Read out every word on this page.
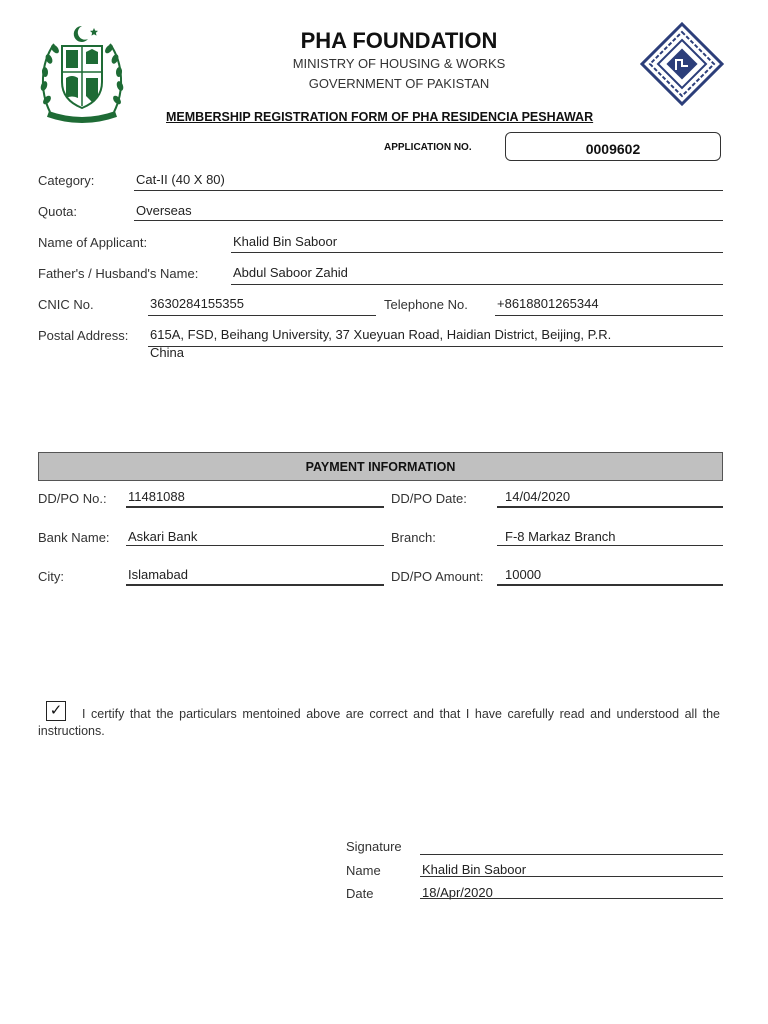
PHA FOUNDATION
MINISTRY OF HOUSING & WORKS
GOVERNMENT OF PAKISTAN
MEMBERSHIP REGISTRATION FORM OF PHA RESIDENCIA PESHAWAR
APPLICATION NO.	0009602
Category:	Cat-II (40 X 80)
Quota:	Overseas
Name of Applicant:	Khalid Bin Saboor
Father's / Husband's Name:	Abdul Saboor Zahid
CNIC No.	3630284155355	Telephone No. +8618801265344
Postal Address: 615A, FSD, Beihang University, 37 Xueyuan Road, Haidian District, Beijing, P.R.
China
PAYMENT INFORMATION
DD/PO No.: 11481088	DD/PO Date:	14/04/2020
Bank Name: Askari Bank	Branch:	F-8 Markaz Branch
City:	Islamabad	DD/PO Amount: 10000
I certify that the particulars mentoined above are correct and that I have carefully read and understood all the instructions.
✓
Signature
Name	Khalid Bin Saboor
Date	18/Apr/2020
